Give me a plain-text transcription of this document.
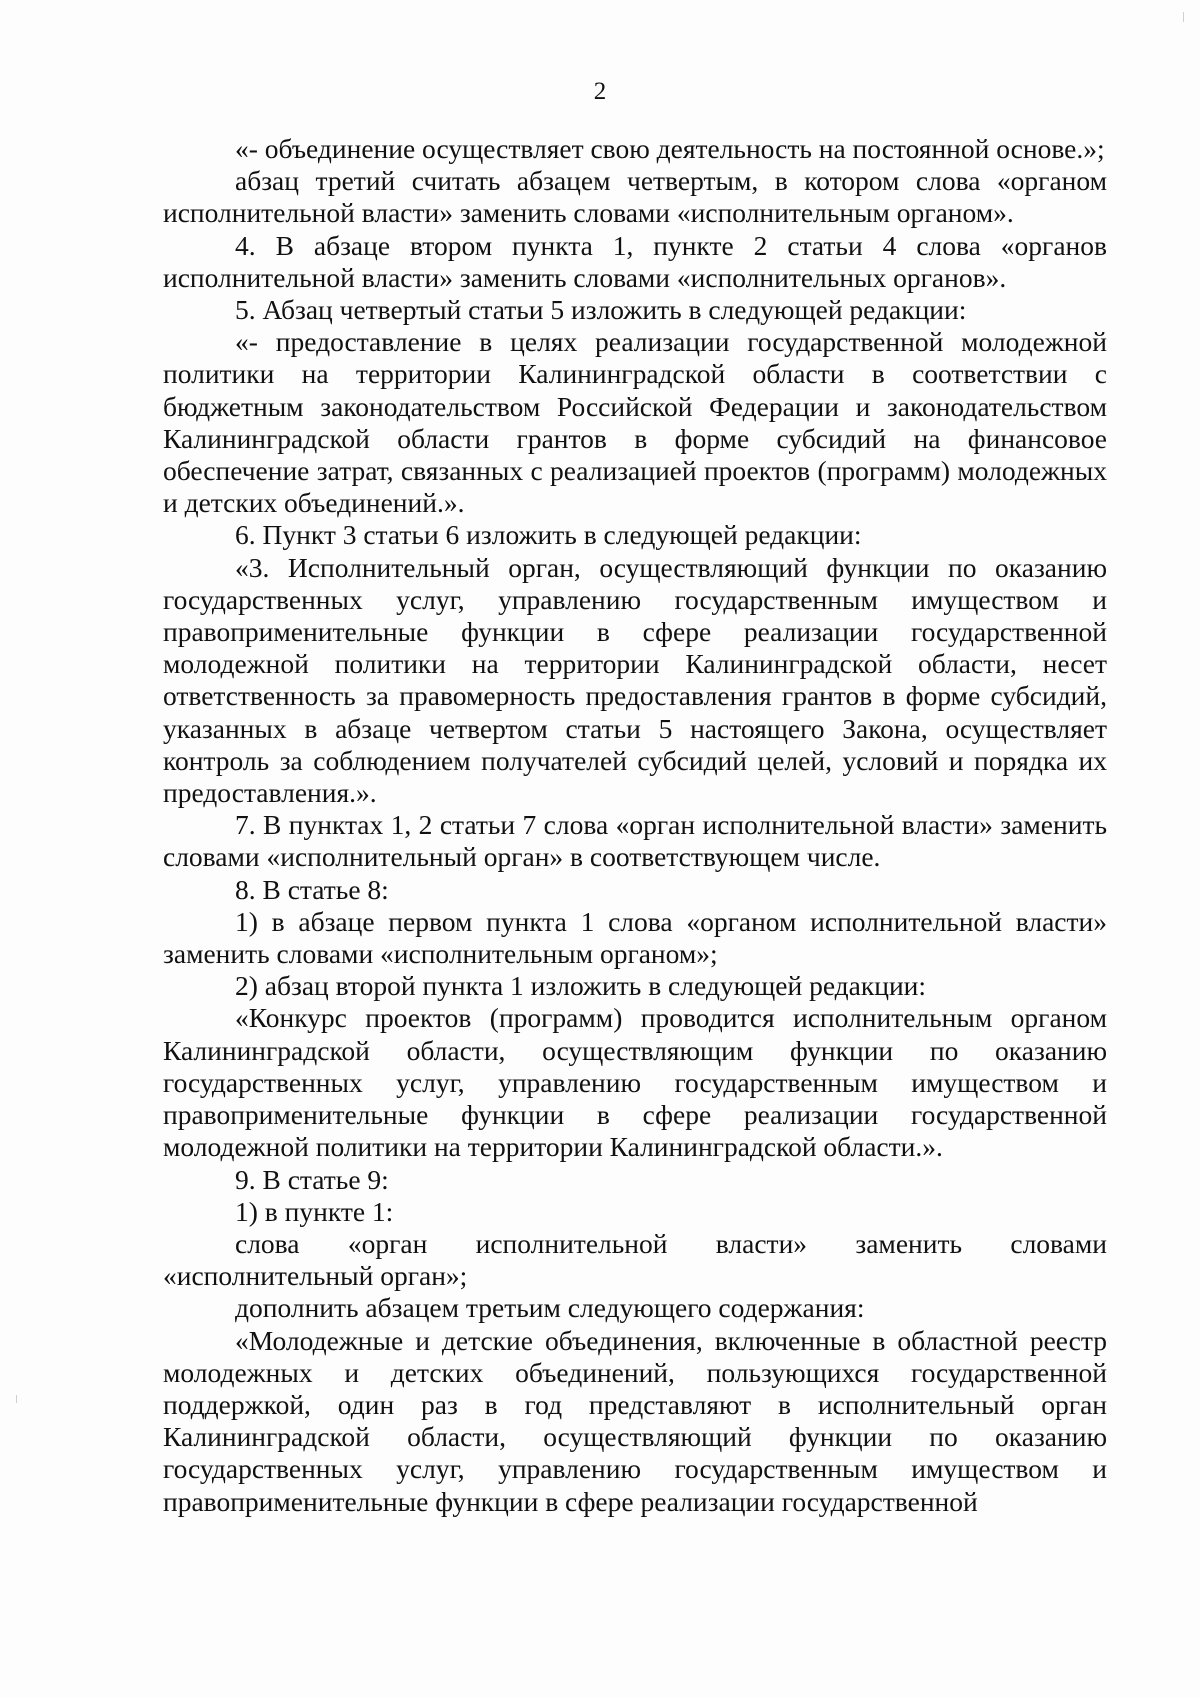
2

«- объединение осуществляет свою деятельность на постоянной основе.»;

абзац третий считать абзацем четвертым, в котором слова «органом исполнительной власти» заменить словами «исполнительным органом».

4. В абзаце втором пункта 1, пункте 2 статьи 4 слова «органов исполнительной власти» заменить словами «исполнительных органов».

5. Абзац четвертый статьи 5 изложить в следующей редакции:

«- предоставление в целях реализации государственной молодежной политики на территории Калининградской области в соответствии с бюджетным законодательством Российской Федерации и законодательством Калининградской области грантов в форме субсидий на финансовое обеспечение затрат, связанных с реализацией проектов (программ) молодежных и детских объединений.».

6. Пункт 3 статьи 6 изложить в следующей редакции:

«3. Исполнительный орган, осуществляющий функции по оказанию государственных услуг, управлению государственным имуществом и правоприменительные функции в сфере реализации государственной молодежной политики на территории Калининградской области, несет ответственность за правомерность предоставления грантов в форме субсидий, указанных в абзаце четвертом статьи 5 настоящего Закона, осуществляет контроль за соблюдением получателей субсидий целей, условий и порядка их предоставления.».

7. В пунктах 1, 2 статьи 7 слова «орган исполнительной власти» заменить словами «исполнительный орган» в соответствующем числе.

8. В статье 8:

1) в абзаце первом пункта 1 слова «органом исполнительной власти» заменить словами «исполнительным органом»;

2) абзац второй пункта 1 изложить в следующей редакции:

«Конкурс проектов (программ) проводится исполнительным органом Калининградской области, осуществляющим функции по оказанию государственных услуг, управлению государственным имуществом и правоприменительные функции в сфере реализации государственной молодежной политики на территории Калининградской области.».

9. В статье 9:

1) в пункте 1:

слова «орган исполнительной власти» заменить словами «исполнительный орган»;

дополнить абзацем третьим следующего содержания:

«Молодежные и детские объединения, включенные в областной реестр молодежных и детских объединений, пользующихся государственной поддержкой, один раз в год представляют в исполнительный орган Калининградской области, осуществляющий функции по оказанию государственных услуг, управлению государственным имуществом и правоприменительные функции в сфере реализации государственной
